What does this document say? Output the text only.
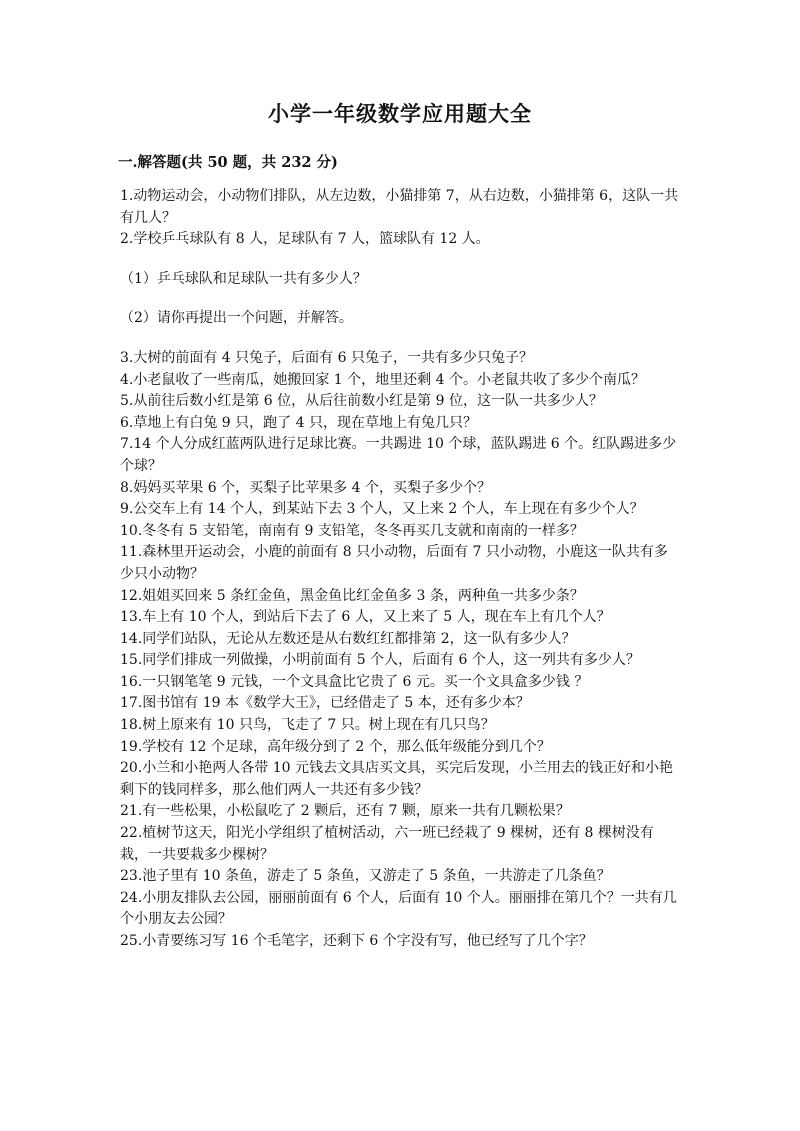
小学一年级数学应用题大全
一.解答题(共 50 题，共 232 分)

1.动物运动会，小动物们排队，从左边数，小猫排第 7，从右边数，小猫排第 6，这队一共有几人？

2.学校乒乓球队有 8 人，足球队有 7 人，篮球队有 12 人。

（1）乒乓球队和足球队一共有多少人？

（2）请你再提出一个问题，并解答。

3.大树的前面有 4 只兔子，后面有 6 只兔子，一共有多少只兔子？

4.小老鼠收了一些南瓜，她搬回家 1 个，地里还剩 4 个。小老鼠共收了多少个南瓜？

5.从前往后数小红是第 6 位，从后往前数小红是第 9 位，这一队一共多少人？

6.草地上有白兔 9 只，跑了 4 只，现在草地上有兔几只？

7.14 个人分成红蓝两队进行足球比赛。一共踢进 10 个球，蓝队踢进 6 个。红队踢进多少个球？

8.妈妈买苹果 6 个，买梨子比苹果多 4 个，买梨子多少个？

9.公交车上有 14 个人，到某站下去 3 个人，又上来 2 个人，车上现在有多少个人？

10.冬冬有 5 支铅笔，南南有 9 支铅笔，冬冬再买几支就和南南的一样多？

11.森林里开运动会，小鹿的前面有 8 只小动物，后面有 7 只小动物，小鹿这一队共有多少只小动物？

12.姐姐买回来 5 条红金鱼，黑金鱼比红金鱼多 3 条，两种鱼一共多少条？

13.车上有 10 个人，到站后下去了 6 人，又上来了 5 人，现在车上有几个人？

14.同学们站队，无论从左数还是从右数红红都排第 2，这一队有多少人？

15.同学们排成一列做操，小明前面有 5 个人，后面有 6 个人，这一列共有多少人？

16.一只钢笔笔 9 元钱，一个文具盒比它贵了 6 元。买一个文具盒多少钱 ？

17.图书馆有 19 本《数学大王》，已经借走了 5 本，还有多少本？

18.树上原来有 10 只鸟，飞走了 7 只。树上现在有几只鸟？

19.学校有 12 个足球，高年级分到了 2 个，那么低年级能分到几个？

20.小兰和小艳两人各带 10 元钱去文具店买文具，买完后发现，小兰用去的钱正好和小艳剩下的钱同样多，那么他们两人一共还有多少钱？

21.有一些松果，小松鼠吃了 2 颗后，还有 7 颗，原来一共有几颗松果？

22.植树节这天，阳光小学组织了植树活动，六一班已经栽了 9 棵树，还有 8 棵树没有栽，一共要栽多少棵树？

23.池子里有 10 条鱼，游走了 5 条鱼，又游走了 5 条鱼，一共游走了几条鱼？

24.小朋友排队去公园，丽丽前面有 6 个人，后面有 10 个人。丽丽排在第几个？一共有几个小朋友去公园？

25.小青要练习写 16 个毛笔字，还剩下 6 个字没有写，他已经写了几个字？
